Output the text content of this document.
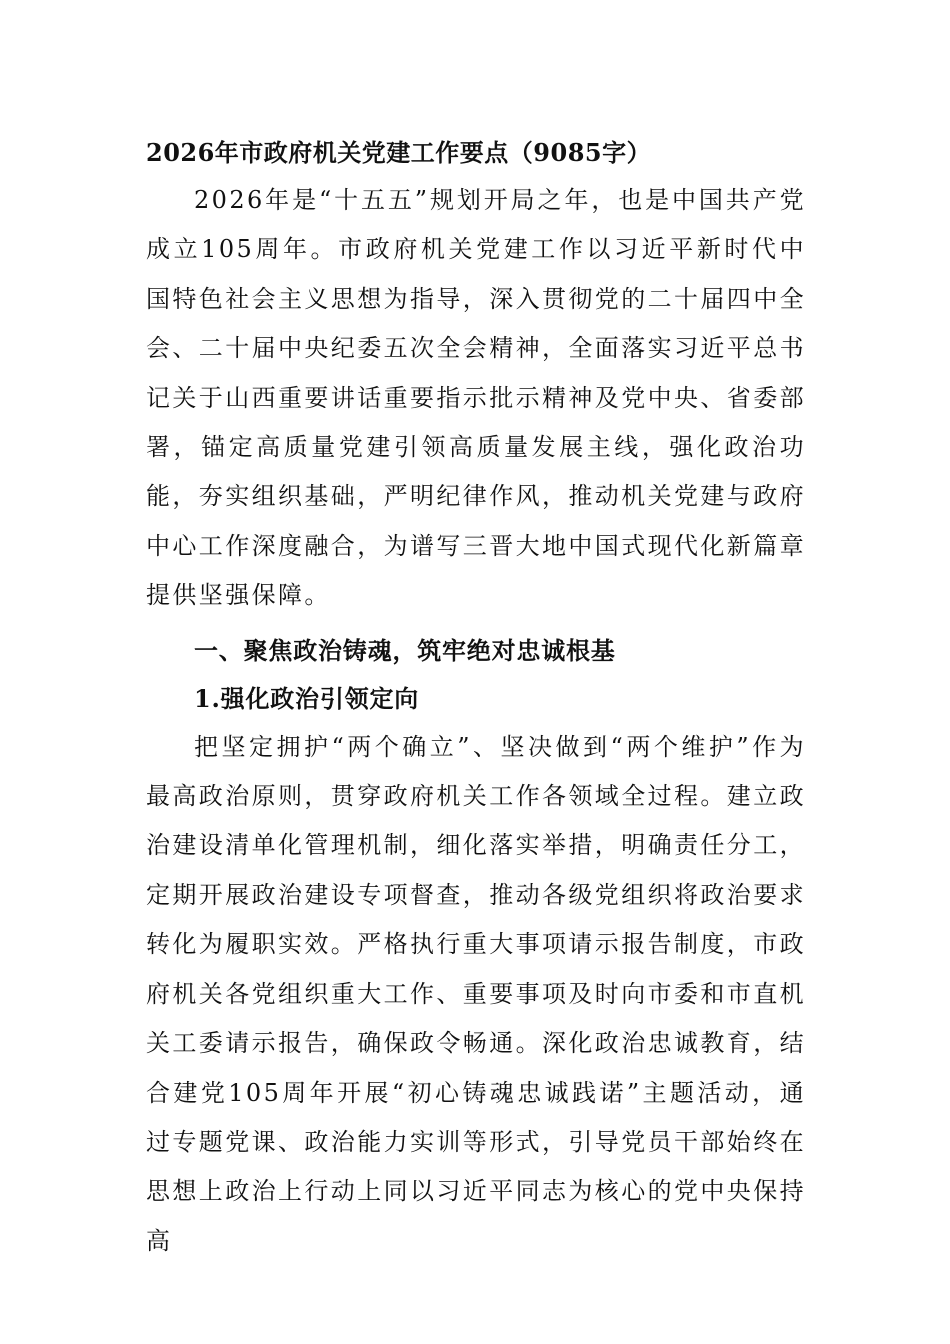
2026年市政府机关党建工作要点（9085字）

2026年是“十五五”规划开局之年，也是中国共产党成立105周年。市政府机关党建工作以习近平新时代中国特色社会主义思想为指导，深入贯彻党的二十届四中全会、二十届中央纪委五次全会精神，全面落实习近平总书记关于山西重要讲话重要指示批示精神及党中央、省委部署，锚定高质量党建引领高质量发展主线，强化政治功能，夯实组织基础，严明纪律作风，推动机关党建与政府中心工作深度融合，为谱写三晋大地中国式现代化新篇章提供坚强保障。

一、聚焦政治铸魂，筑牢绝对忠诚根基
1.强化政治引领定向

把坚定拥护“两个确立”、坚决做到“两个维护”作为最高政治原则，贯穿政府机关工作各领域全过程。建立政治建设清单化管理机制，细化落实举措，明确责任分工，定期开展政治建设专项督查，推动各级党组织将政治要求转化为履职实效。严格执行重大事项请示报告制度，市政府机关各党组织重大工作、重要事项及时向市委和市直机关工委请示报告，确保政令畅通。深化政治忠诚教育，结合建党105周年开展“初心铸魂忠诚践诺”主题活动，通过专题党课、政治能力实训等形式，引导党员干部始终在思想上政治上行动上同以习近平同志为核心的党中央保持高
